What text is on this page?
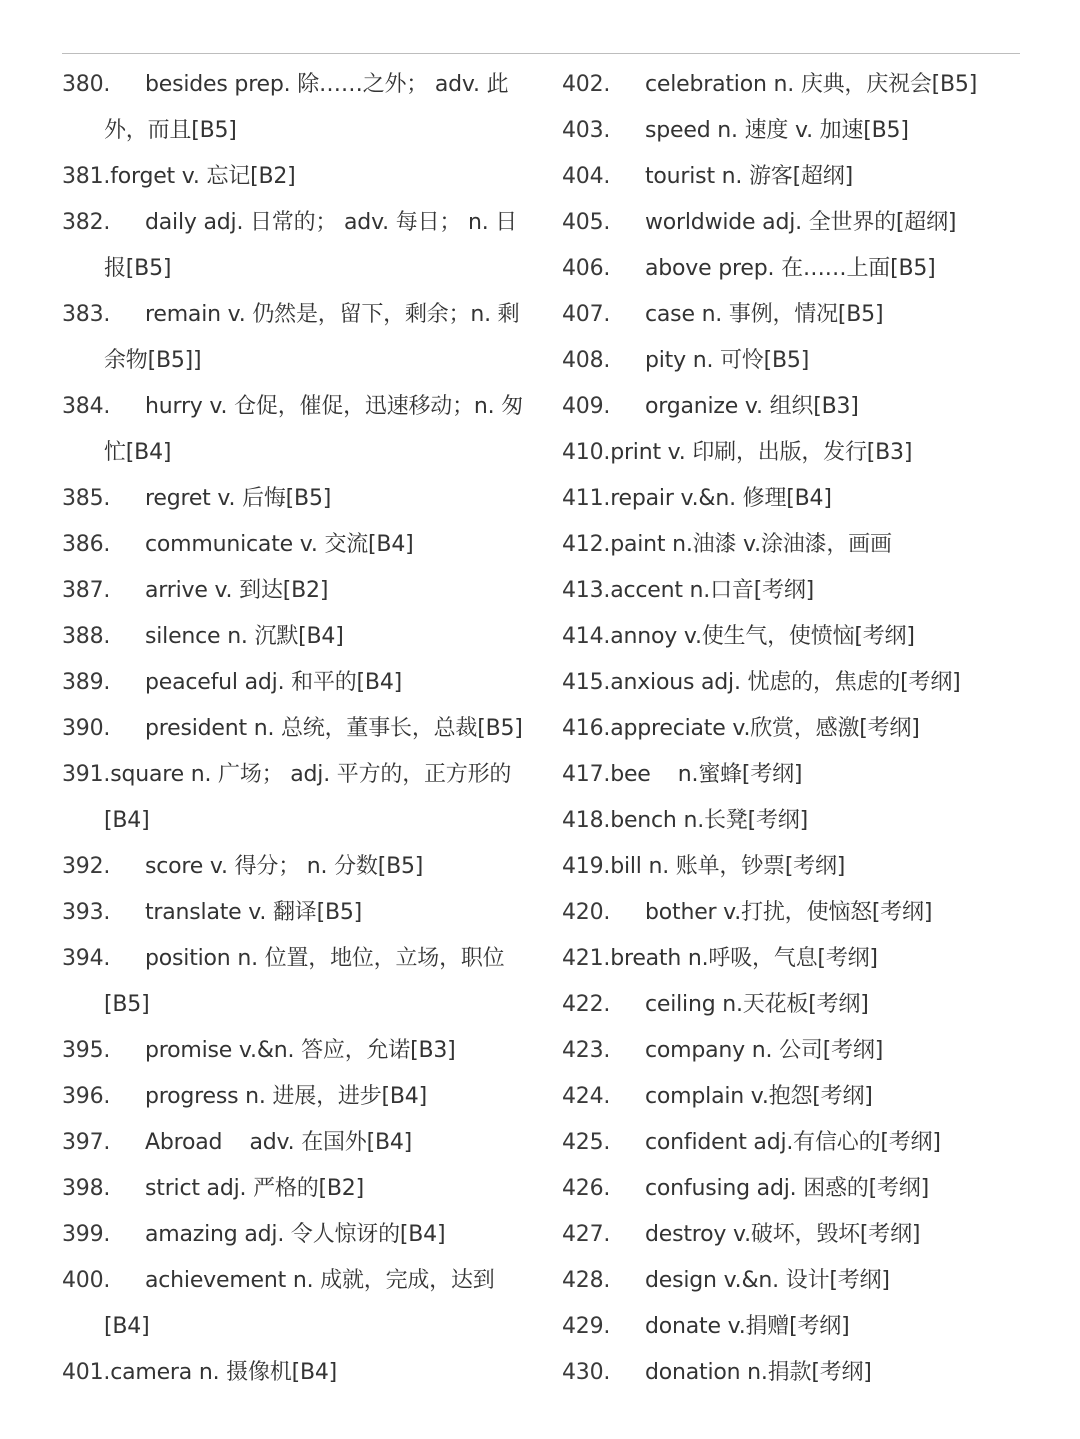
380. besides prep. 除……之外； adv. 此
外，而且[B5]
381.forget v. 忘记[B2]
382. daily adj. 日常的； adv. 每日； n. 日
报[B5]
383. remain v. 仍然是，留下，剩余；n. 剩
余物[B5]]
384. hurry v. 仓促，催促，迅速移动；n. 匆
忙[B4]
385. regret v. 后悔[B5]
386. communicate v. 交流[B4]
387. arrive v. 到达[B2]
388. silence n. 沉默[B4]
389. peaceful adj. 和平的[B4]
390. president n. 总统，董事长，总裁[B5]
391.square n. 广场； adj. 平方的，正方形的
[B4]
392. score v. 得分； n. 分数[B5]
393. translate v. 翻译[B5]
394. position n. 位置，地位，立场，职位
[B5]
395. promise v.&n. 答应，允诺[B3]
396. progress n. 进展，进步[B4]
397. Abroad    adv. 在国外[B4]
398. strict adj. 严格的[B2]
399. amazing adj. 令人惊讶的[B4]
400. achievement n. 成就，完成，达到
[B4]
401.camera n. 摄像机[B4]
402. celebration n. 庆典，庆祝会[B5]
403. speed n. 速度 v. 加速[B5]
404. tourist n. 游客[超纲]
405. worldwide adj. 全世界的[超纲]
406. above prep. 在……上面[B5]
407. case n. 事例，情况[B5]
408. pity n. 可怜[B5]
409. organize v. 组织[B3]
410.print v. 印刷，出版，发行[B3]
411.repair v.&n. 修理[B4]
412.paint n.油漆 v.涂油漆，画画
413.accent n.口音[考纲]
414.annoy v.使生气，使愤恼[考纲]
415.anxious adj. 忧虑的，焦虑的[考纲]
416.appreciate v.欣赏，感激[考纲]
417.bee    n.蜜蜂[考纲]
418.bench n.长凳[考纲]
419.bill n. 账单，钞票[考纲]
420. bother v.打扰，使恼怒[考纲]
421.breath n.呼吸，气息[考纲]
422. ceiling n.天花板[考纲]
423. company n. 公司[考纲]
424. complain v.抱怨[考纲]
425. confident adj.有信心的[考纲]
426. confusing adj. 困惑的[考纲]
427. destroy v.破坏，毁坏[考纲]
428. design v.&n. 设计[考纲]
429. donate v.捐赠[考纲]
430. donation n.捐款[考纲]
